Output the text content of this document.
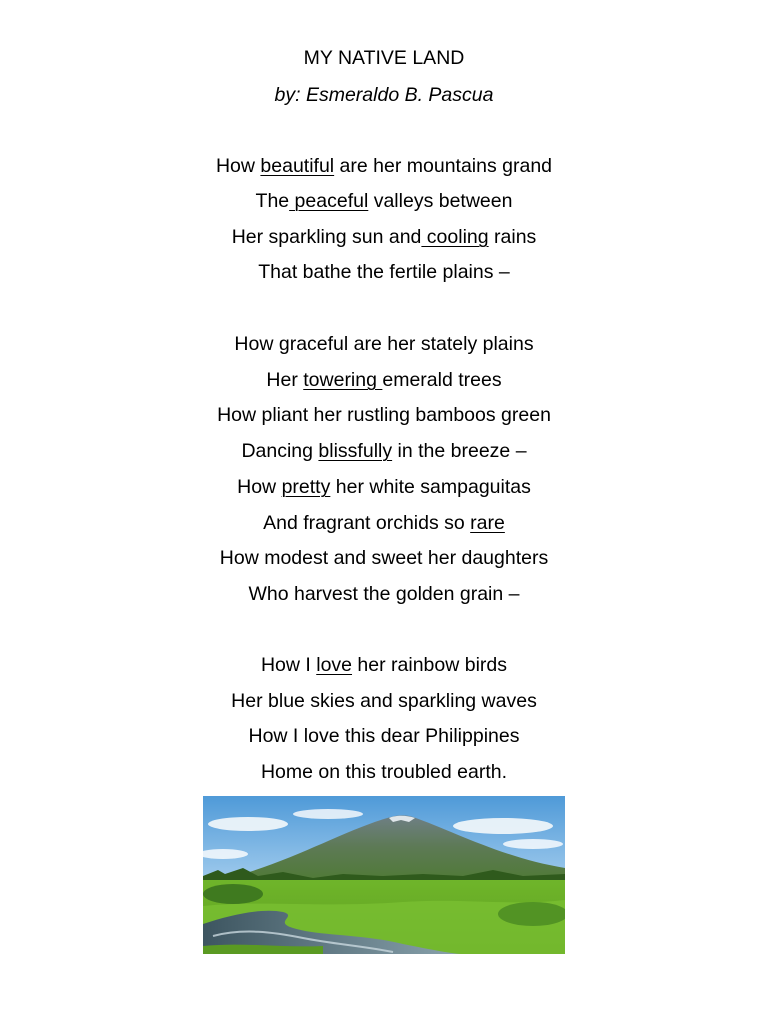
MY NATIVE LAND
by: Esmeraldo B. Pascua
How beautiful are her mountains grand
The peaceful valleys between
Her sparkling sun and cooling rains
That bathe the fertile plains –
How graceful are her stately plains
Her towering emerald trees
How pliant her rustling bamboos green
Dancing blissfully in the breeze –
How pretty her white sampaguitas
And fragrant orchids so rare
How modest and sweet her daughters
Who harvest the golden grain –
How I love her rainbow birds
Her blue skies and sparkling waves
How I love this dear Philippines
Home on this troubled earth.
